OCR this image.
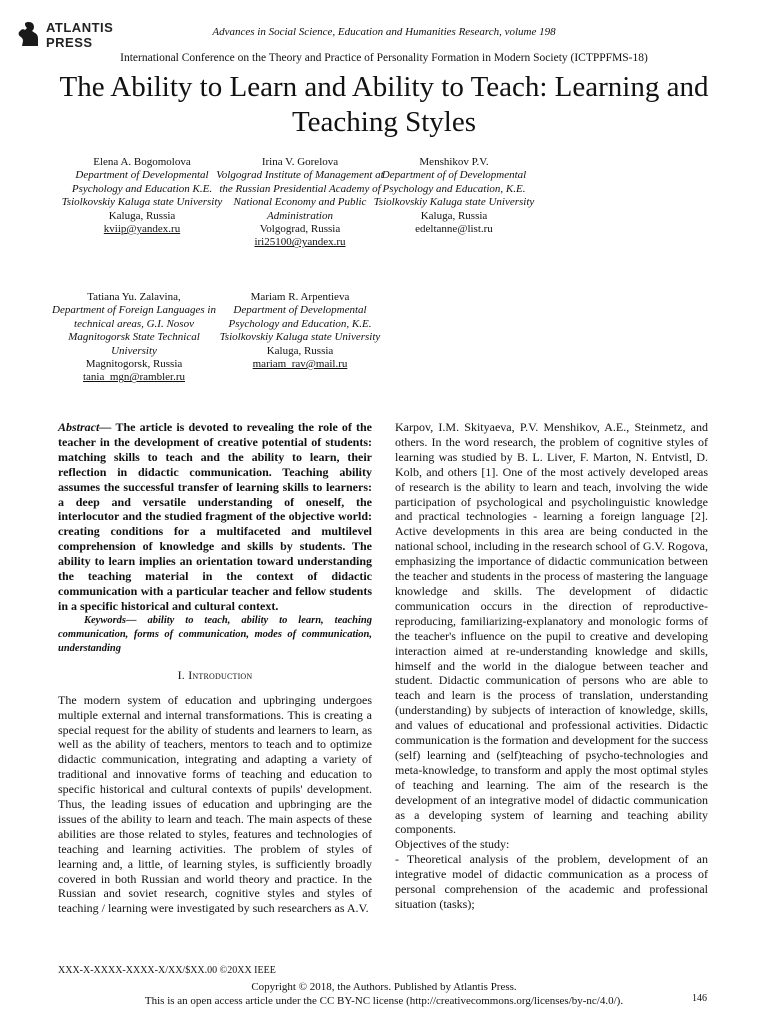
ATLANTIS
PRESS
Advances in Social Science, Education and Humanities Research, volume 198
International Conference on the Theory and Practice of Personality Formation in Modern Society (ICTPPFMS-18)
The Ability to Learn and Ability to Teach: Learning and Teaching Styles
Elena A. Bogomolova
Department of Developmental Psychology and Education K.E. Tsiolkovskiy Kaluga state University
Kaluga, Russia
kviip@yandex.ru
Irina V. Gorelova
Volgograd Institute of Management at the Russian Presidential Academy of National Economy and Public Administration
Volgograd, Russia
iri25100@yandex.ru
Menshikov P.V.
Department of of Developmental Psychology and Education, K.E. Tsiolkovskiy Kaluga state University
Kaluga, Russia
edeltanne@list.ru
Tatiana Yu. Zalavina,
Department of Foreign Languages in technical areas, G.I. Nosov Magnitogorsk State Technical University
Magnitogorsk, Russia
tania_mgn@rambler.ru
Mariam R. Arpentieva
Department of Developmental Psychology and Education, K.E. Tsiolkovskiy Kaluga state University
Kaluga, Russia
mariam_rav@mail.ru

Abstract— The article is devoted to revealing the role of the teacher in the development of creative potential of students: matching skills to teach and the ability to learn, their reflection in didactic communication. Teaching ability assumes the successful transfer of learning skills to learners: a deep and versatile understanding of oneself, the interlocutor and the studied fragment of the objective world: creating conditions for a multifaceted and multilevel comprehension of knowledge and skills by students. The ability to learn implies an orientation toward understanding the teaching material in the context of didactic communication with a particular teacher and fellow students in a specific historical and cultural context.

Keywords— ability to teach, ability to learn, teaching communication, forms of communication, modes of communication, understanding

I. Introduction

The modern system of education and upbringing undergoes multiple external and internal transformations. This is creating a special request for the ability of students and learners to learn, as well as the ability of teachers, mentors to teach and to optimize didactic communication, integrating and adapting a variety of traditional and innovative forms of teaching and education to specific historical and cultural contexts of pupils' development. Thus, the leading issues of education and upbringing are the issues of the ability to learn and teach. The main aspects of these abilities are those related to styles, features and technologies of teaching and learning activities. The problem of styles of learning and, a little, of learning styles, is sufficiently broadly covered in both Russian and world theory and practice. In the Russian and soviet research, cognitive styles and styles of teaching / learning were investigated by such researchers as A.V.

Karpov, I.M. Skityaeva, P.V. Menshikov, A.E., Steinmetz, and others. In the word research, the problem of cognitive styles of learning was studied by B. L. Liver, F. Marton, N. Entvistl, D. Kolb, and others [1]. One of the most actively developed areas of research is the ability to learn and teach, involving the wide participation of psychological and psycholinguistic knowledge and practical technologies - learning a foreign language [2]. Active developments in this area are being conducted in the national school, including in the research school of G.V. Rogova, emphasizing the importance of didactic communication between the teacher and students in the process of mastering the language knowledge and skills. The development of didactic communication occurs in the direction of reproductive-reproducing, familiarizing-explanatory and monologic forms of the teacher's influence on the pupil to creative and developing interaction aimed at re-understanding knowledge and skills, himself and the world in the dialogue between teacher and student. Didactic communication of persons who are able to teach and learn is the process of translation, understanding (understanding) by subjects of interaction of knowledge, skills, and values of educational and professional activities. Didactic communication is the formation and development for the success (self) learning and (self)teaching of psycho-technologies and meta-knowledge, to transform and apply the most optimal styles of teaching and learning. The aim of the research is the development of an integrative model of didactic communication as a developing system of learning and teaching ability components.

Objectives of the study:

- Theoretical analysis of the problem, development of an integrative model of didactic communication as a process of personal comprehension of the academic and professional situation (tasks);

XXX-X-XXXX-XXXX-X/XX/$XX.00 ©20XX IEEE
Copyright © 2018, the Authors. Published by Atlantis Press.
This is an open access article under the CC BY-NC license (http://creativecommons.org/licenses/by-nc/4.0/).	146
